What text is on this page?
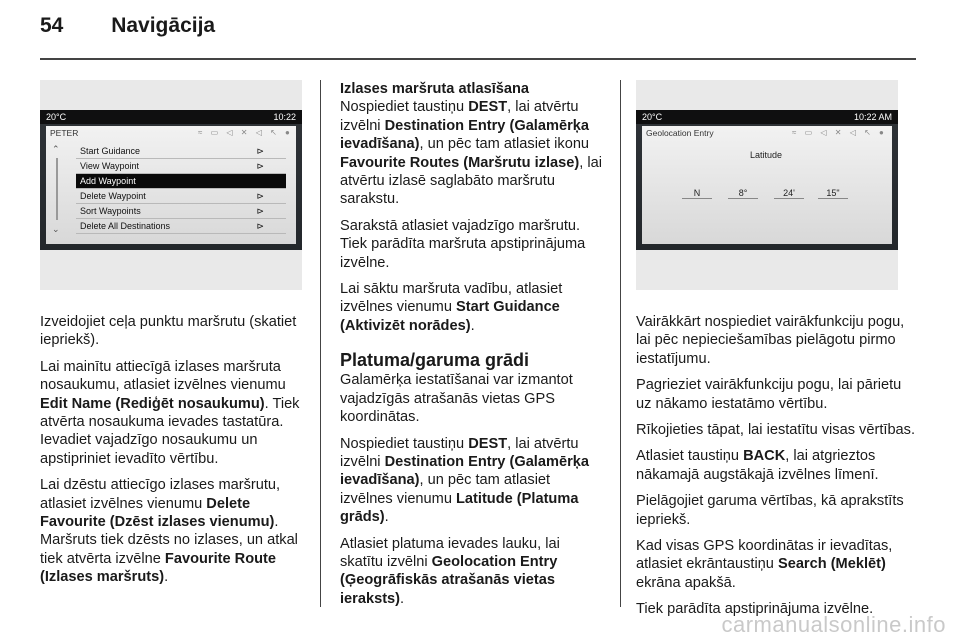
54 Navigācija
20°C	10:22
PETER	≈ ▭ ◁ ✕ ◁ ↖ ●
⌃
⌄
Start Guidance	⊳
View Waypoint	⊳
Add Waypoint
Delete Waypoint	⊳
Sort Waypoints	⊳
Delete All Destinations	⊳

Izveidojiet ceļa punktu maršrutu (skatiet iepriekš).

Lai mainītu attiecīgā izlases maršruta nosaukumu, atlasiet izvēlnes vienumu Edit Name (Rediģēt nosaukumu). Tiek atvērta nosaukuma ievades tastatūra. Ievadiet vajadzīgo nosaukumu un apstipriniet ievadīto vērtību.

Lai dzēstu attiecīgo izlases maršrutu, atlasiet izvēlnes vienumu Delete Favourite (Dzēst izlases vienumu). Maršruts tiek dzēsts no izlases, un atkal tiek atvērta izvēlne Favourite Route (Izlases maršruts).

Izlases maršruta atlasīšana

Nospiediet taustiņu DEST, lai atvērtu izvēlni Destination Entry (Galamērķa ievadīšana), un pēc tam atlasiet ikonu Favourite Routes (Maršrutu izlase), lai atvērtu izlasē saglabāto maršrutu sarakstu.

Sarakstā atlasiet vajadzīgo maršrutu. Tiek parādīta maršruta apstiprinājuma izvēlne.

Lai sāktu maršruta vadību, atlasiet izvēlnes vienumu Start Guidance (Aktivizēt norādes).

Platuma/garuma grādi

Galamērķa iestatīšanai var izmantot vajadzīgās atrašanās vietas GPS koordinātas.

Nospiediet taustiņu DEST, lai atvērtu izvēlni Destination Entry (Galamērķa ievadīšana), un pēc tam atlasiet izvēlnes vienumu Latitude (Platuma grāds).

Atlasiet platuma ievades lauku, lai skatītu izvēlni Geolocation Entry (Ģeogrāfiskās atrašanās vietas ieraksts).

20°C	10:22 AM
Geolocation Entry	≈ ▭ ◁ ✕ ◁ ↖ ●
Latitude
N	8°	24'	15"

Vairākkārt nospiediet vairākfunkciju pogu, lai pēc nepieciešamības pielāgotu pirmo iestatījumu.

Pagrieziet vairākfunkciju pogu, lai pārietu uz nākamo iestatāmo vērtību.

Rīkojieties tāpat, lai iestatītu visas vērtības.

Atlasiet taustiņu BACK, lai atgrieztos nākamajā augstākajā izvēlnes līmenī.

Pielāgojiet garuma vērtības, kā aprakstīts iepriekš.

Kad visas GPS koordinātas ir ievadītas, atlasiet ekrāntaustiņu Search (Meklēt) ekrāna apakšā.

Tiek parādīta apstiprinājuma izvēlne.

carmanualsonline.info
